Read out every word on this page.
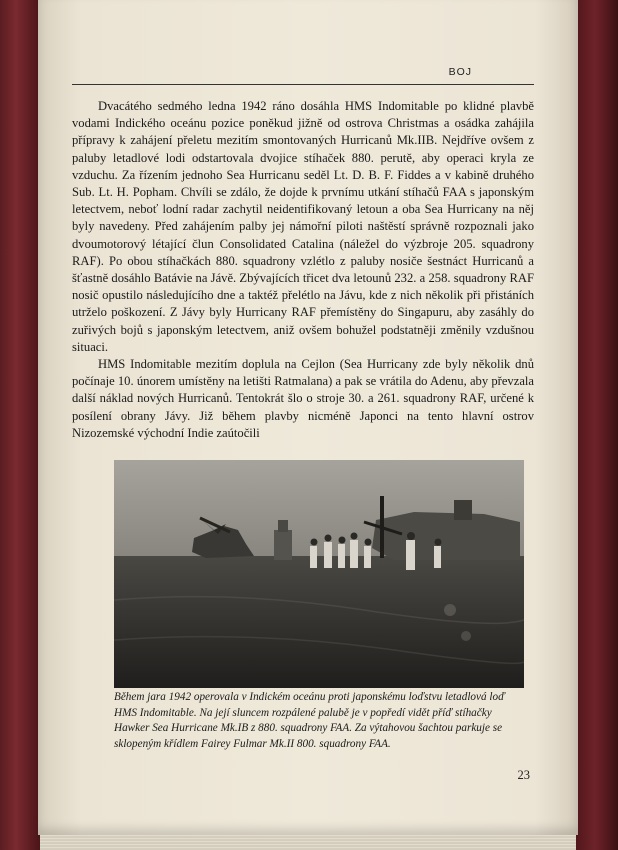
BOJ

Dvacátého sedmého ledna 1942 ráno dosáhla HMS Indomitable po klidné plavbě vodami Indického oceánu pozice poněkud jižně od ostrova Christmas a osádka zahájila přípravy k zahájení přeletu mezitím smontovaných Hurricanů Mk.IIB. Nejdříve ovšem z paluby letadlové lodi odstartovala dvojice stíhaček 880. perutě, aby operaci kryla ze vzduchu. Za řízením jednoho Sea Hurricanu seděl Lt. D. B. F. Fiddes a v kabině druhého Sub. Lt. H. Popham. Chvíli se zdálo, že dojde k prvnímu utkání stíhačů FAA s japonským letectvem, neboť lodní radar zachytil neidentifikovaný letoun a oba Sea Hurricany na něj byly navedeny. Před zahájením palby jej námořní piloti naštěstí správně rozpoznali jako dvoumotorový létající člun Consolidated Catalina (náležel do výzbroje 205. squadrony RAF). Po obou stíhačkách 880. squadrony vzlétlo z paluby nosiče šestnáct Hurricanů a šťastně dosáhlo Batávie na Jávě. Zbývajících třicet dva letounů 232. a 258. squadrony RAF nosič opustilo následujícího dne a taktéž přelétlo na Jávu, kde z nich několik při přistáních utrželo poškození. Z Jávy byly Hurricany RAF přemístěny do Singapuru, aby zasáhly do zuřivých bojů s japonským letectvem, aniž ovšem bohužel podstatněji změnily vzdušnou situaci.

HMS Indomitable mezitím doplula na Cejlon (Sea Hurricany zde byly několik dnů počínaje 10. únorem umístěny na letišti Ratmalana) a pak se vrátila do Adenu, aby převzala další náklad nových Hurricanů. Tentokrát šlo o stroje 30. a 261. squadrony RAF, určené k posílení obrany Jávy. Již během plavby nicméně Japonci na tento hlavní ostrov Nizozemské východní Indie zaútočili

Během jara 1942 operovala v Indickém oceánu proti japonskému loďstvu letadlová loď HMS Indomitable. Na její sluncem rozpálené palubě je v popředí vidět příď stíhačky Hawker Sea Hurricane Mk.IB z 880. squadrony FAA. Za výtahovou šachtou parkuje se sklopeným křídlem Fairey Fulmar Mk.II 800. squadrony FAA.
23
